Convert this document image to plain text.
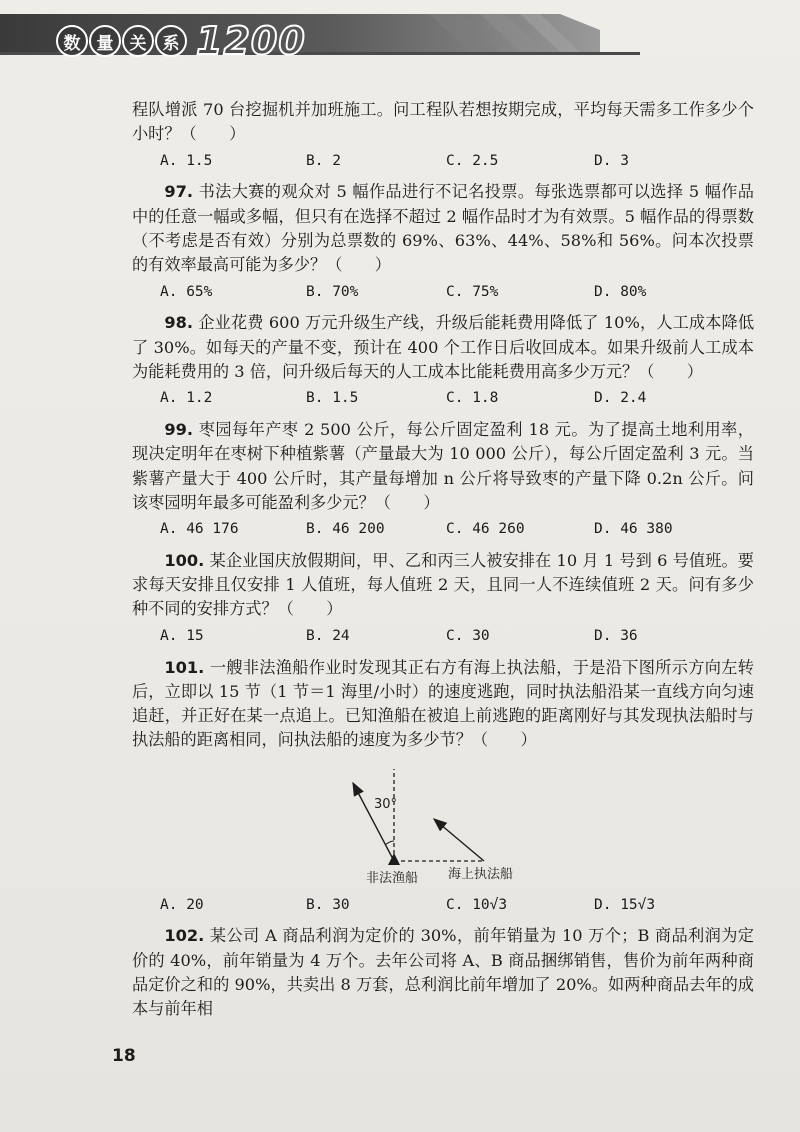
数 量 关 系 1200

程队增派 70 台挖掘机并加班施工。问工程队若想按期完成，平均每天需多工作多少个小时？（　　）

A. 1.5	B. 2	C. 2.5	D. 3

97. 书法大赛的观众对 5 幅作品进行不记名投票。每张选票都可以选择 5 幅作品中的任意一幅或多幅，但只有在选择不超过 2 幅作品时才为有效票。5 幅作品的得票数（不考虑是否有效）分别为总票数的 69%、63%、44%、58%和 56%。问本次投票的有效率最高可能为多少？（　　）

A. 65%	B. 70%	C. 75%	D. 80%

98. 企业花费 600 万元升级生产线，升级后能耗费用降低了 10%，人工成本降低了 30%。如每天的产量不变，预计在 400 个工作日后收回成本。如果升级前人工成本为能耗费用的 3 倍，问升级后每天的人工成本比能耗费用高多少万元？（　　）

A. 1.2	B. 1.5	C. 1.8	D. 2.4

99. 枣园每年产枣 2 500 公斤，每公斤固定盈利 18 元。为了提高土地利用率，现决定明年在枣树下种植紫薯（产量最大为 10 000 公斤），每公斤固定盈利 3 元。当紫薯产量大于 400 公斤时，其产量每增加 n 公斤将导致枣的产量下降 0.2n 公斤。问该枣园明年最多可能盈利多少元？（　　）

A. 46 176	B. 46 200	C. 46 260	D. 46 380

100. 某企业国庆放假期间，甲、乙和丙三人被安排在 10 月 1 号到 6 号值班。要求每天安排且仅安排 1 人值班，每人值班 2 天，且同一人不连续值班 2 天。问有多少种不同的安排方式？（　　）

A. 15	B. 24	C. 30	D. 36

101. 一艘非法渔船作业时发现其正右方有海上执法船，于是沿下图所示方向左转后，立即以 15 节（1 节＝1 海里/小时）的速度逃跑，同时执法船沿某一直线方向匀速追赶，并正好在某一点追上。已知渔船在被追上前逃跑的距离刚好与其发现执法船时与执法船的距离相同，问执法船的速度为多少节？（　　）

30°
非法渔船 海上执法船
A. 20	B. 30	C. 10√3	D. 15√3

102. 某公司 A 商品利润为定价的 30%，前年销量为 10 万个；B 商品利润为定价的 40%，前年销量为 4 万个。去年公司将 A、B 商品捆绑销售，售价为前年两种商品定价之和的 90%，共卖出 8 万套，总利润比前年增加了 20%。如两种商品去年的成本与前年相

18
